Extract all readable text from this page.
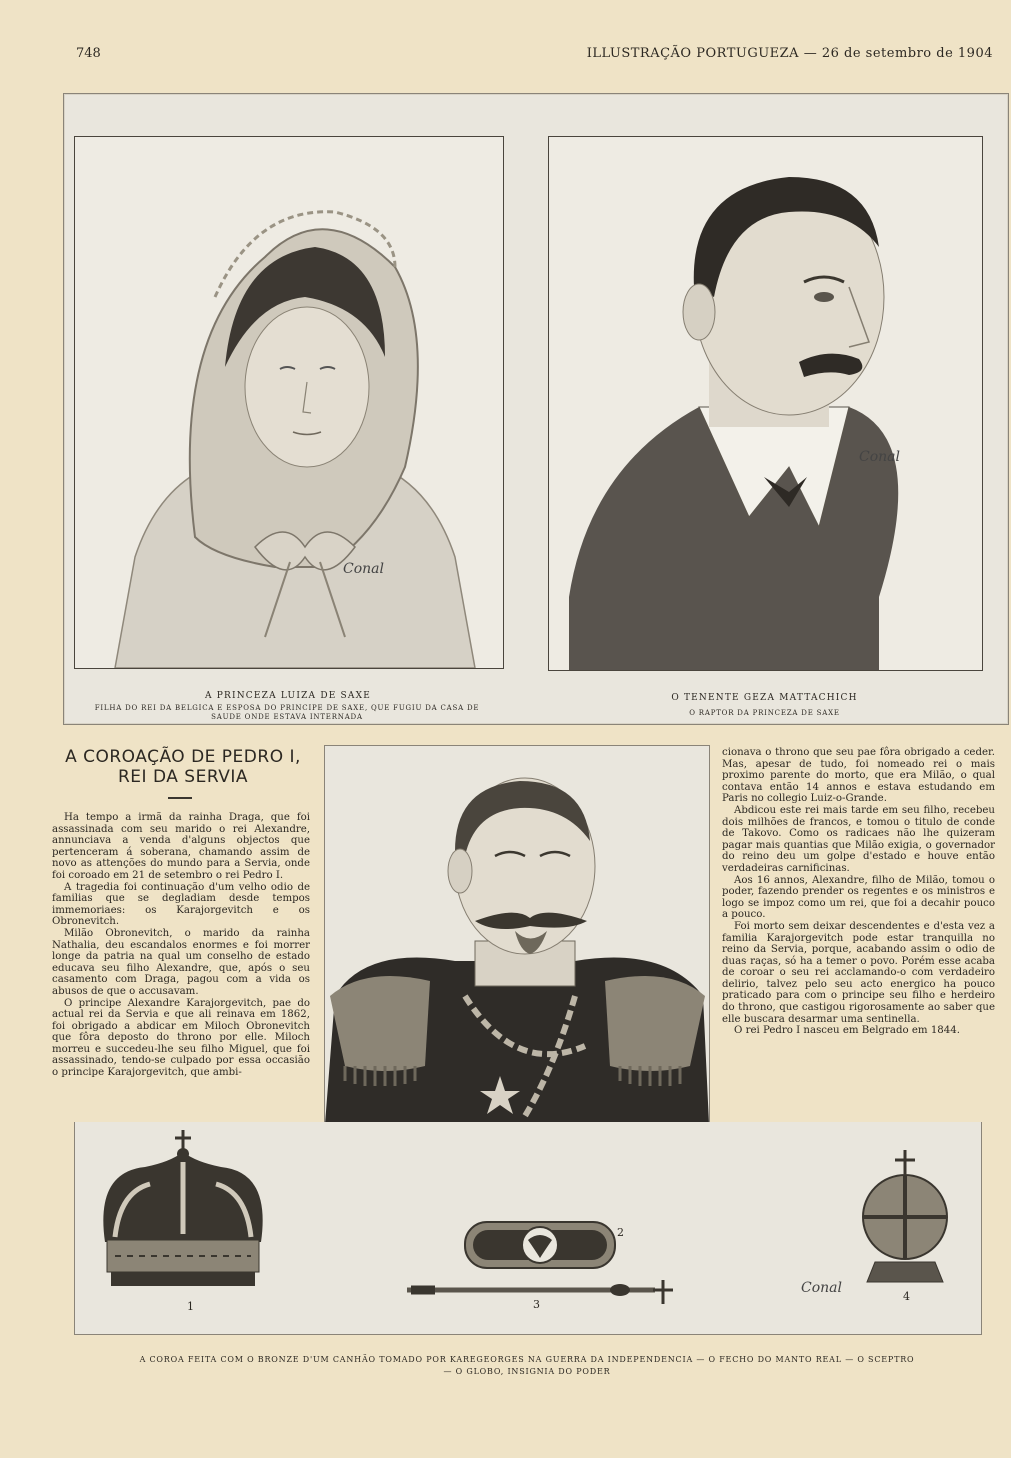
748	ILLUSTRAÇÃO PORTUGUEZA — 26 de setembro de 1904
Conal
Conal
A PRINCEZA LUIZA DE SAXE
FILHA DO REI DA BELGICA E ESPOSA DO PRINCIPE DE SAXE, QUE FUGIU DA CASA DE SAUDE ONDE ESTAVA INTERNADA
O TENENTE GEZA MATTACHICH
O RAPTOR DA PRINCEZA DE SAXE
A COROAÇÃO DE PEDRO I,
REI DA SERVIA

Ha tempo a irmã da rainha Draga, que foi assassinada com seu marido o rei Alexandre, annunciava a venda d'alguns objectos que pertenceram á soberana, chamando assim de novo as attenções do mundo para a Servia, onde foi coroado em 21 de setembro o rei Pedro I.

A tragedia foi continuação d'um velho odio de familias que se degladiam desde tempos immemoriaes: os Karajorgevitch e os Obronevitch.

Milão Obronevitch, o marido da rainha Nathalia, deu escandalos enormes e foi morrer longe da patria na qual um conselho de estado educava seu filho Alexandre, que, após o seu casamento com Draga, pagou com a vida os abusos de que o accusavam.

O principe Alexandre Karajorgevitch, pae do actual rei da Servia e que ali reinava em 1862, foi obrigado a abdicar em Miloch Obronevitch que fôra deposto do throno por elle. Miloch morreu e succedeu-lhe seu filho Miguel, que foi assassinado, tendo-se culpado por essa occasião o principe Karajorgevitch, que ambi-

cionava o throno que seu pae fôra obrigado a ceder. Mas, apesar de tudo, foi nomeado rei o mais proximo parente do morto, que era Milão, o qual contava então 14 annos e estava estudando em Paris no collegio Luiz-o-Grande.

Abdicou este rei mais tarde em seu filho, recebeu dois milhões de francos, e tomou o titulo de conde de Takovo. Como os radicaes não lhe quizeram pagar mais quantias que Milão exigia, o governador do reino deu um golpe d'estado e houve então verdadeiras carnificinas.

Aos 16 annos, Alexandre, filho de Milão, tomou o poder, fazendo prender os regentes e os ministros e logo se impoz como um rei, que foi a decahir pouco a pouco.

Foi morto sem deixar descendentes e d'esta vez a familia Karajorgevitch pode estar tranquilla no reino da Servia, porque, acabando assim o odio de duas raças, só ha a temer o povo. Porém esse acaba de coroar o seu rei acclamando-o com verdadeiro delirio, talvez pelo seu acto energico ha pouco praticado para com o principe seu filho e herdeiro do throno, que castigou rigorosamente ao saber que elle buscara desarmar uma sentinella.

O rei Pedro I nasceu em Belgrado em 1844.

1
2
3
4
Conal
A COROA FEITA COM O BRONZE D'UM CANHÃO TOMADO POR KAREGEORGES NA GUERRA DA INDEPENDENCIA — O FECHO DO MANTO REAL — O SCEPTRO
— O GLOBO, INSIGNIA DO PODER
